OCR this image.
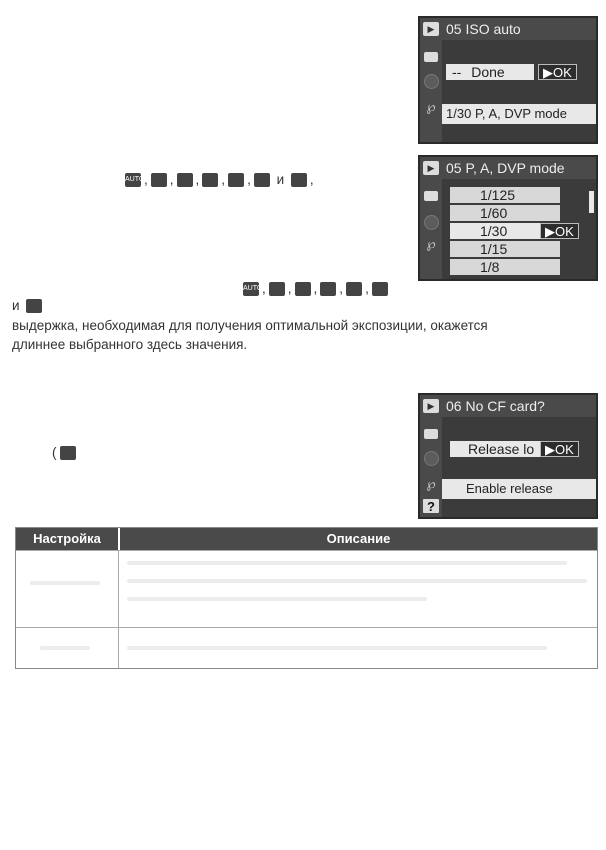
▶
℘
05 ISO auto
-- Done	▶OK
1/30 P, A, DVP mode
AUTO, , , , , и ,
▶
℘
05 P, A, DVP mode
1/125
1/60
1/30	▶OK
1/15
1/8
AUTO, , , , ,
и
выдержка, необходимая для получения оптимальной экспозиции, окажется
длиннее выбранного здесь значения.
▶
℘
?
06 No CF card?
Release lo ▶OK
Enable release
(
Настройка	Описание
